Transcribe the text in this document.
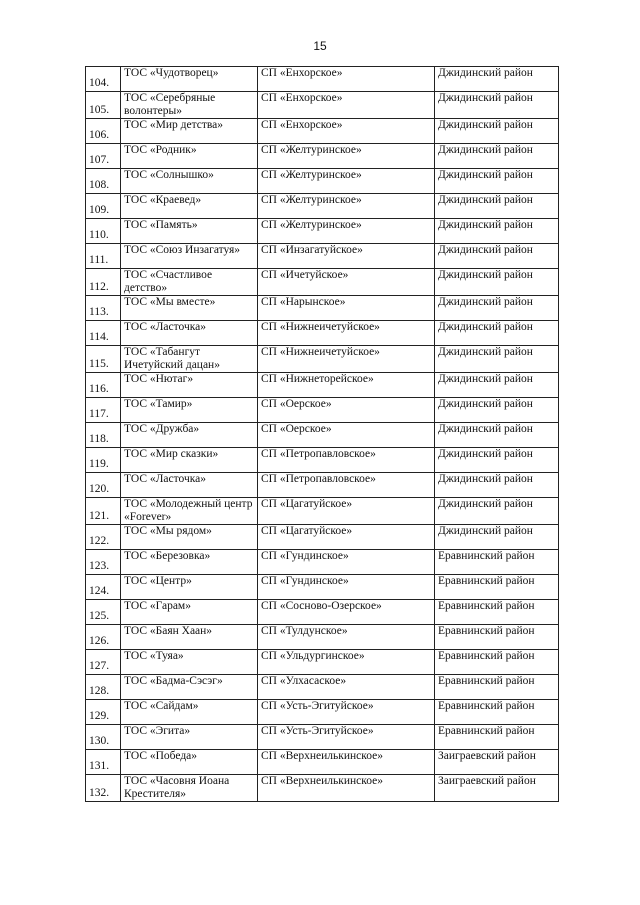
15
104.	ТОС «Чудотворец»	СП «Енхорское»	Джидинский район
105.	ТОС «Серебряные волонтеры»	СП «Енхорское»	Джидинский район
106.	ТОС «Мир детства»	СП «Енхорское»	Джидинский район
107.	ТОС «Родник»	СП «Желтуринское»	Джидинский район
108.	ТОС «Солнышко»	СП «Желтуринское»	Джидинский район
109.	ТОС «Краевед»	СП «Желтуринское»	Джидинский район
110.	ТОС «Память»	СП «Желтуринское»	Джидинский район
111.	ТОС «Союз Инзагатуя»	СП «Инзагатуйское»	Джидинский район
112.	ТОС «Счастливое детство»	СП «Ичетуйское»	Джидинский район
113.	ТОС «Мы вместе»	СП «Нарынское»	Джидинский район
114.	ТОС «Ласточка»	СП «Нижнеичетуйское»	Джидинский район
115.	ТОС «Табангут Ичетуйский дацан»	СП «Нижнеичетуйское»	Джидинский район
116.	ТОС «Нютаг»	СП «Нижнеторейское»	Джидинский район
117.	ТОС «Тамир»	СП «Оерское»	Джидинский район
118.	ТОС «Дружба»	СП «Оерское»	Джидинский район
119.	ТОС «Мир сказки»	СП «Петропавловское»	Джидинский район
120.	ТОС «Ласточка»	СП «Петропавловское»	Джидинский район
121.	ТОС «Молодежный центр «Forever»	СП «Цагатуйское»	Джидинский район
122.	ТОС «Мы рядом»	СП «Цагатуйское»	Джидинский район
123.	ТОС «Березовка»	СП «Гундинское»	Еравнинский район
124.	ТОС «Центр»	СП «Гундинское»	Еравнинский район
125.	ТОС «Гарам»	СП «Сосново-Озерское»	Еравнинский район
126.	ТОС «Баян Хаан»	СП «Тулдунское»	Еравнинский район
127.	ТОС «Туяа»	СП «Ульдургинское»	Еравнинский район
128.	ТОС «Бадма-Сэсэг»	СП «Улхасаское»	Еравнинский район
129.	ТОС «Сайдам»	СП «Усть-Эгитуйское»	Еравнинский район
130.	ТОС «Эгита»	СП «Усть-Эгитуйское»	Еравнинский район
131.	ТОС «Победа»	СП «Верхнеилькинское»	Заиграевский район
132.	ТОС «Часовня Иоана Крестителя»	СП «Верхнеилькинское»	Заиграевский район
